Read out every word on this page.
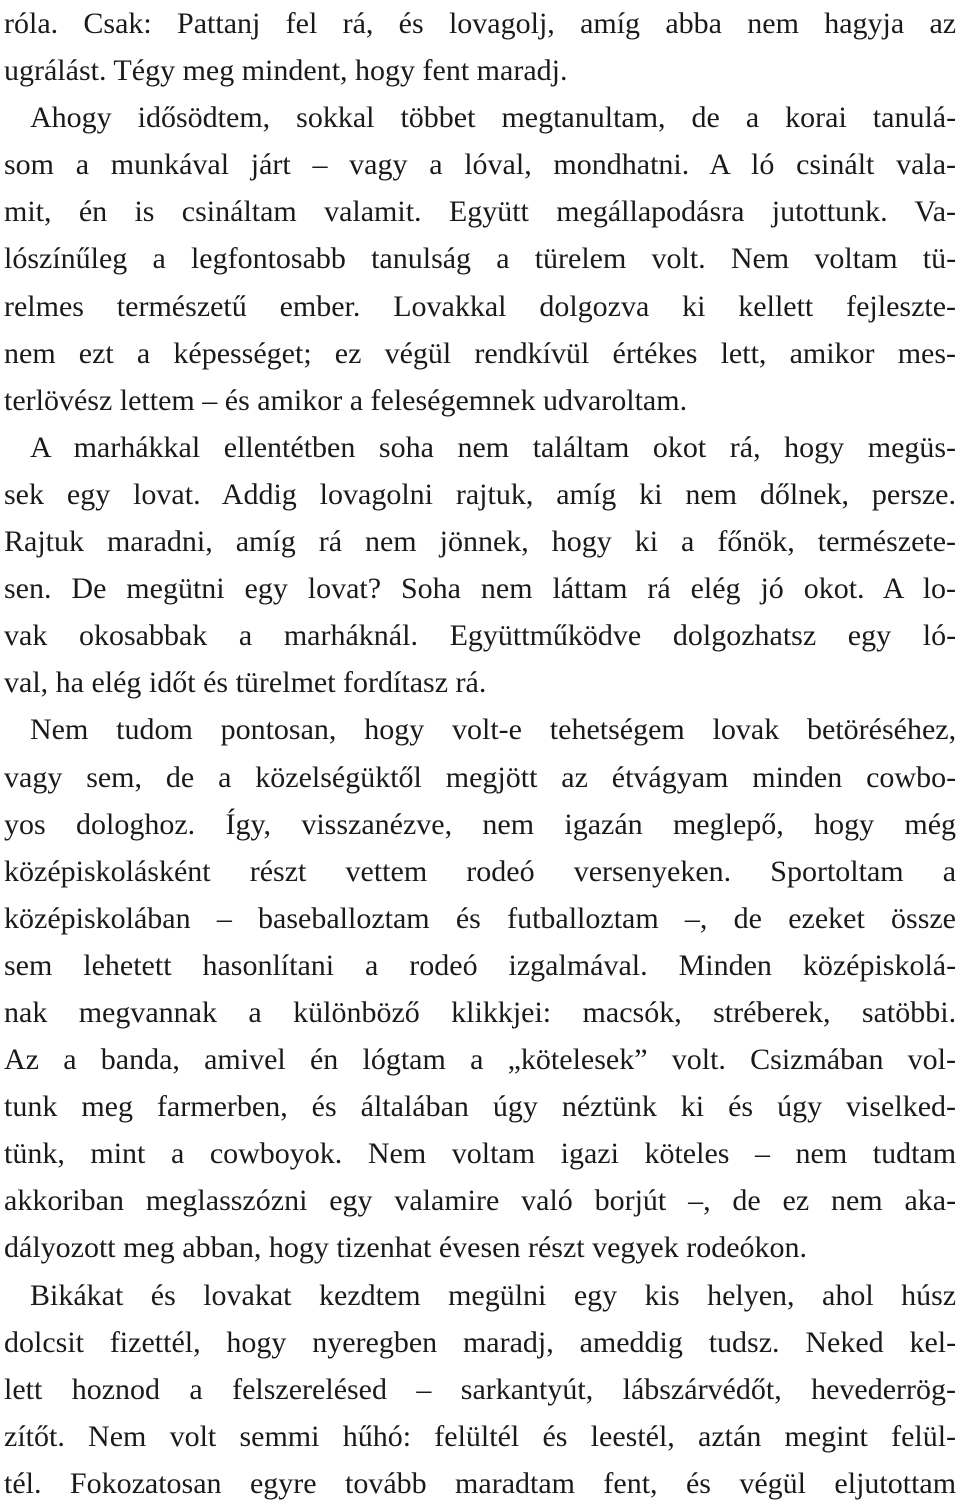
róla. Csak: Pattanj fel rá, és lovagolj, amíg abba nem hagyja az
ugrálást. Tégy meg mindent, hogy fent maradj.
Ahogy idősödtem, sokkal többet megtanultam, de a korai tanulá-
som a munkával járt – vagy a lóval, mondhatni. A ló csinált vala-
mit, én is csináltam valamit. Együtt megállapodásra jutottunk. Va-
lószínűleg a legfontosabb tanulság a türelem volt. Nem voltam tü-
relmes természetű ember. Lovakkal dolgozva ki kellett fejleszte-
nem ezt a képességet; ez végül rendkívül értékes lett, amikor mes-
terlövész lettem – és amikor a feleségemnek udvaroltam.
A marhákkal ellentétben soha nem találtam okot rá, hogy megüs-
sek egy lovat. Addig lovagolni rajtuk, amíg ki nem dőlnek, persze.
Rajtuk maradni, amíg rá nem jönnek, hogy ki a főnök, természete-
sen. De megütni egy lovat? Soha nem láttam rá elég jó okot. A lo-
vak okosabbak a marháknál. Együttműködve dolgozhatsz egy ló-
val, ha elég időt és türelmet fordítasz rá.
Nem tudom pontosan, hogy volt-e tehetségem lovak betöréséhez,
vagy sem, de a közelségüktől megjött az étvágyam minden cowbo-
yos dologhoz. Így, visszanézve, nem igazán meglepő, hogy még
középiskolásként részt vettem rodeó versenyeken. Sportoltam a
középiskolában – baseballoztam és futballoztam –, de ezeket össze
sem lehetett hasonlítani a rodeó izgalmával. Minden középiskolá-
nak megvannak a különböző klikkjei: macsók, stréberek, satöbbi.
Az a banda, amivel én lógtam a „kötelesek” volt. Csizmában vol-
tunk meg farmerben, és általában úgy néztünk ki és úgy viselked-
tünk, mint a cowboyok. Nem voltam igazi köteles – nem tudtam
akkoriban meglasszózni egy valamire való borjút –, de ez nem aka-
dályozott meg abban, hogy tizenhat évesen részt vegyek rodeókon.
Bikákat és lovakat kezdtem megülni egy kis helyen, ahol húsz
dolcsit fizettél, hogy nyeregben maradj, ameddig tudsz. Neked kel-
lett hoznod a felszerelésed – sarkantyút, lábszárvédőt, hevederrög-
zítőt. Nem volt semmi hűhó: felültél és leestél, aztán megint felül-
tél. Fokozatosan egyre tovább maradtam fent, és végül eljutottam
